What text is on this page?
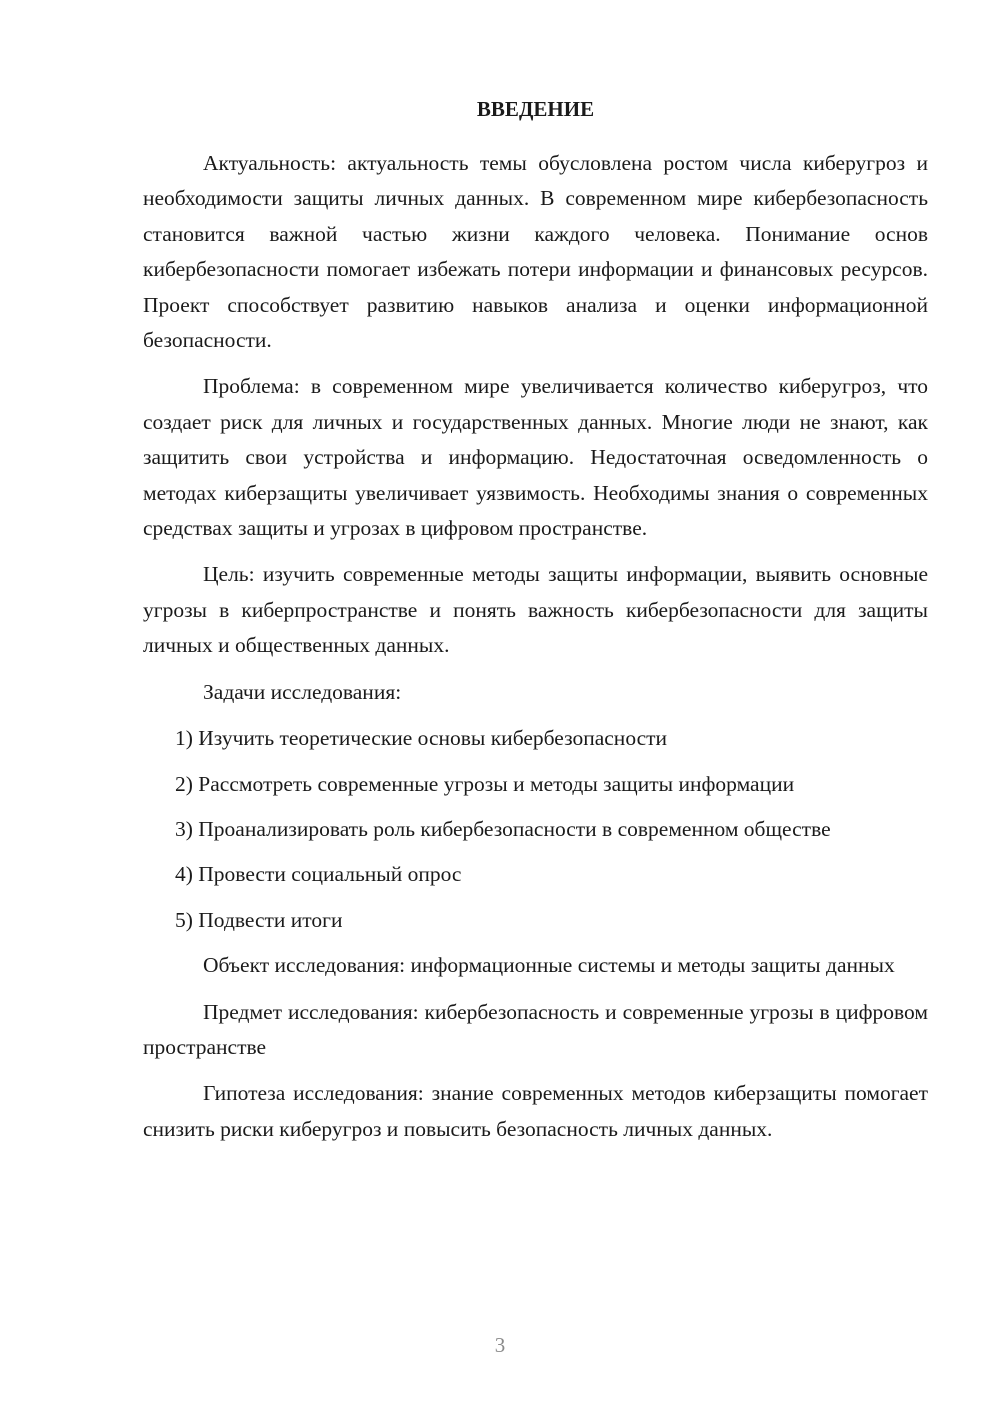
ВВЕДЕНИЕ

Актуальность: актуальность темы обусловлена ростом числа киберугроз и необходимости защиты личных данных. В современном мире кибербезопасность становится важной частью жизни каждого человека. Понимание основ кибербезопасности помогает избежать потери информации и финансовых ресурсов. Проект способствует развитию навыков анализа и оценки информационной безопасности.

Проблема: в современном мире увеличивается количество киберугроз, что создает риск для личных и государственных данных. Многие люди не знают, как защитить свои устройства и информацию. Недостаточная осведомленность о методах киберзащиты увеличивает уязвимость. Необходимы знания о современных средствах защиты и угрозах в цифровом пространстве.

Цель: изучить современные методы защиты информации, выявить основные угрозы в киберпространстве и понять важность кибербезопасности для защиты личных и общественных данных.

Задачи исследования:

1) Изучить теоретические основы кибербезопасности

2) Рассмотреть современные угрозы и методы защиты информации

3) Проанализировать роль кибербезопасности в современном обществе

4) Провести социальный опрос

5) Подвести итоги

Объект исследования: информационные системы и методы защиты данных

Предмет исследования: кибербезопасность и современные угрозы в цифровом пространстве

Гипотеза исследования: знание современных методов киберзащиты помогает снизить риски киберугроз и повысить безопасность личных данных.

3
